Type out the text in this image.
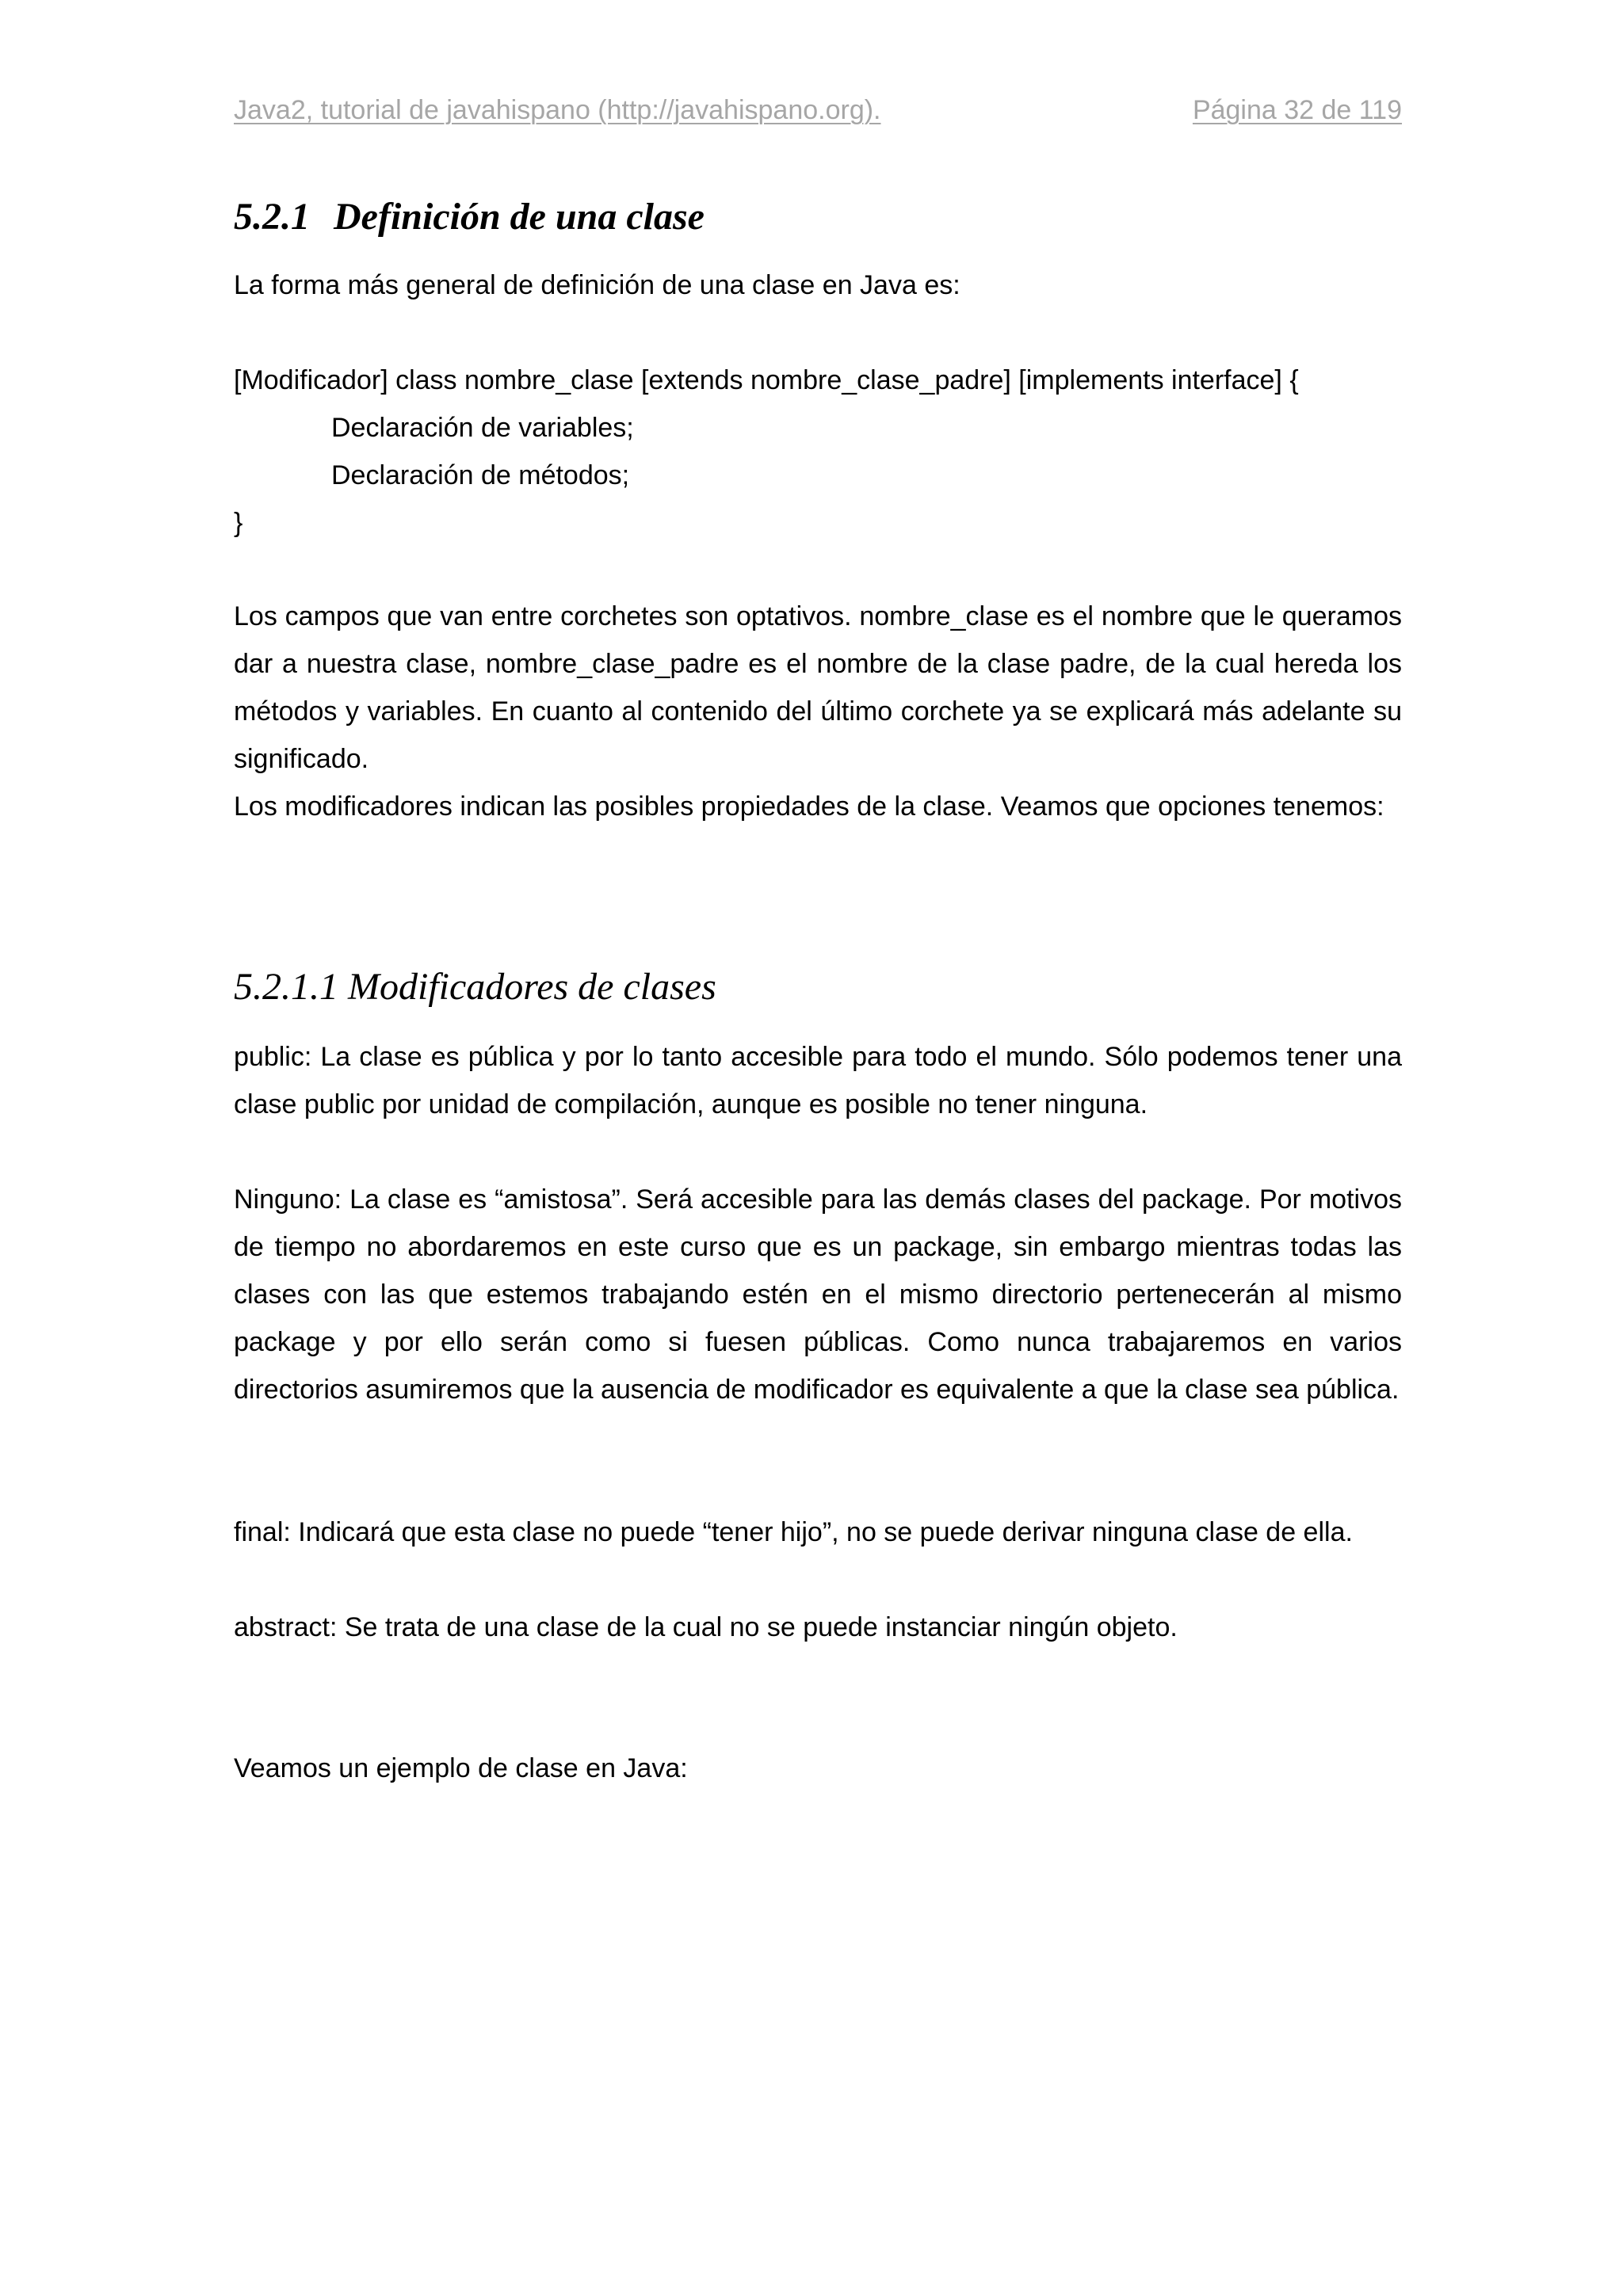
Java2, tutorial de javahispano (http://javahispano.org).	Página 32 de 119
5.2.1 Definición de una clase
La forma más general de definición de una clase en Java es:
[Modificador] class nombre_clase [extends nombre_clase_padre] [implements interface] {
Declaración de variables;
Declaración de métodos;
}

Los campos que van entre corchetes son optativos. nombre_clase es el nombre que le queramos dar a nuestra clase, nombre_clase_padre es el nombre de la clase padre, de la cual hereda los métodos y variables. En cuanto al contenido del último corchete ya se explicará más adelante su significado.

Los modificadores indican las posibles propiedades de la clase. Veamos que opciones tenemos:

5.2.1.1 Modificadores de clases

public: La clase es pública y por lo tanto accesible para todo el mundo. Sólo podemos tener una clase public por unidad de compilación, aunque es posible no tener ninguna.

Ninguno: La clase es “amistosa”. Será accesible para las demás clases del package. Por motivos de tiempo no abordaremos en este curso que es un package, sin embargo mientras todas las clases con las que estemos trabajando estén en el mismo directorio pertenecerán al mismo package y por ello serán como si fuesen públicas. Como nunca trabajaremos en varios directorios asumiremos que la ausencia de modificador es equivalente a que la clase sea pública.

final: Indicará que esta clase no puede “tener hijo”, no se puede derivar ninguna clase de ella.

abstract: Se trata de una clase de la cual no se puede instanciar ningún objeto.

Veamos un ejemplo de clase en Java:
